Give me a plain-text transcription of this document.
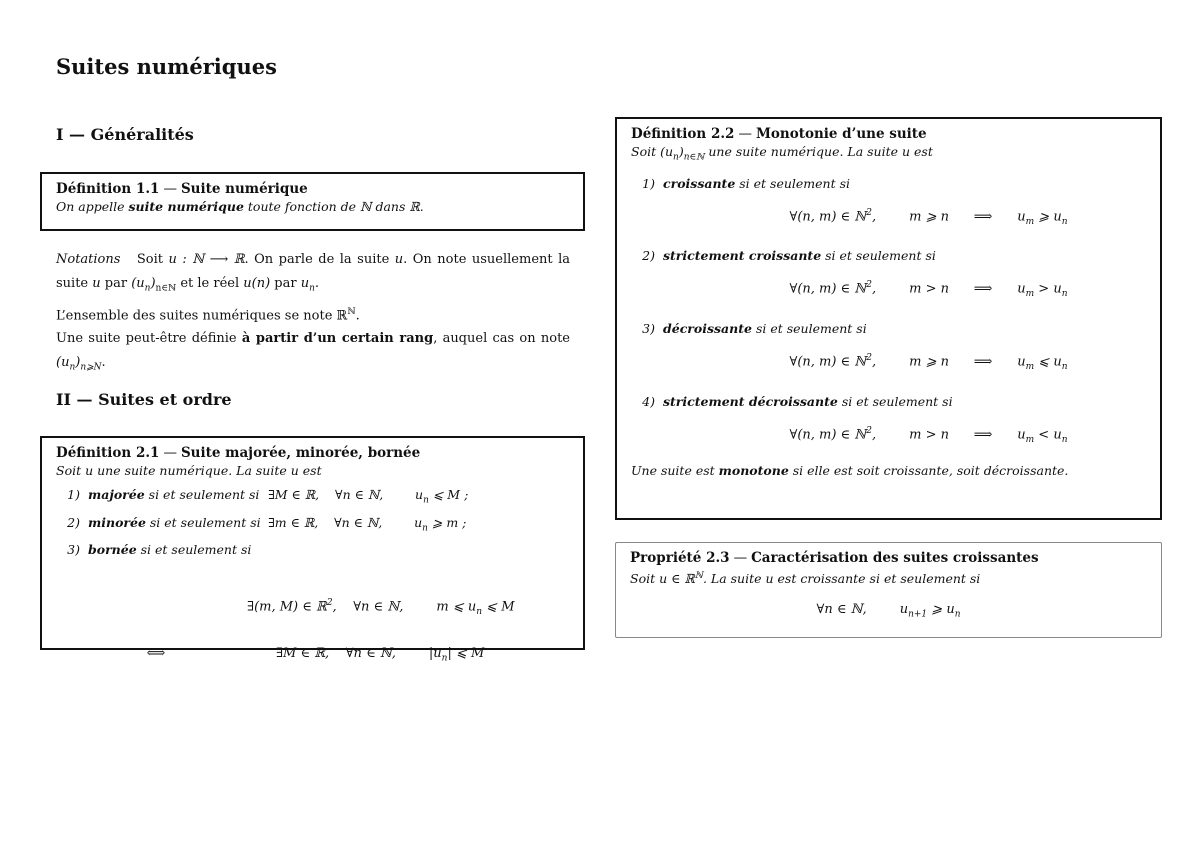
Suites numériques
I — Généralités
Définition 1.1 — Suite numérique
On appelle suite numérique toute fonction de ℕ dans ℝ.
Notations Soit u : ℕ ⟶ ℝ. On parle de la suite u. On note usuellement la suite u par $(u_n)_{n\in ℕ}$ et le réel u(n) par $u_n$.
L’ensemble des suites numériques se note ℝ$^ℕ$.
Une suite peut-être définie à partir d’un certain rang, auquel cas on note $(u_n)_{n⩾N}$.
II — Suites et ordre
Définition 2.1 — Suite majorée, minorée, bornée
Soit u une suite numérique. La suite u est
1) majorée si et seulement si ∃M ∈ ℝ,    ∀n ∈ ℕ,        $u_n$ ⩽ M ;
2) minorée si et seulement si ∃m ∈ ℝ,    ∀n ∈ ℕ,        $u_n$ ⩾ m ;
3) bornée si et seulement si

∃(m, M) ∈ ℝ$^2$,    ∀n ∈ ℕ,        m ⩽ $u_n$ ⩽ M

⟺	∃M ∈ ℝ,    ∀n ∈ ℕ,        $|u_n|$ ⩽ M
Définition 2.2 — Monotonie d’une suite
Soit $(u_n)_{n\in ℕ}$ une suite numérique. La suite u est
1) croissante si et seulement si
∀(n, m) ∈ ℕ$^2$,	m ⩾ n ⟹ $u_m$ ⩾ $u_n$
2) strictement croissante si et seulement si
∀(n, m) ∈ ℕ$^2$,	m > n ⟹ $u_m > u_n$
3) décroissante si et seulement si
∀(n, m) ∈ ℕ$^2$,	m ⩾ n ⟹ $u_m$ ⩽ $u_n$
4) strictement décroissante si et seulement si
∀(n, m) ∈ ℕ$^2$,	m > n ⟹ $u_m < u_n$
Une suite est monotone si elle est soit croissante, soit décroissante.
Propriété 2.3 — Caractérisation des suites croissantes
Soit u ∈ ℝ$^ℕ$. La suite u est croissante si et seulement si
∀n ∈ ℕ,	$u_{n+1}$ ⩾ $u_n$
